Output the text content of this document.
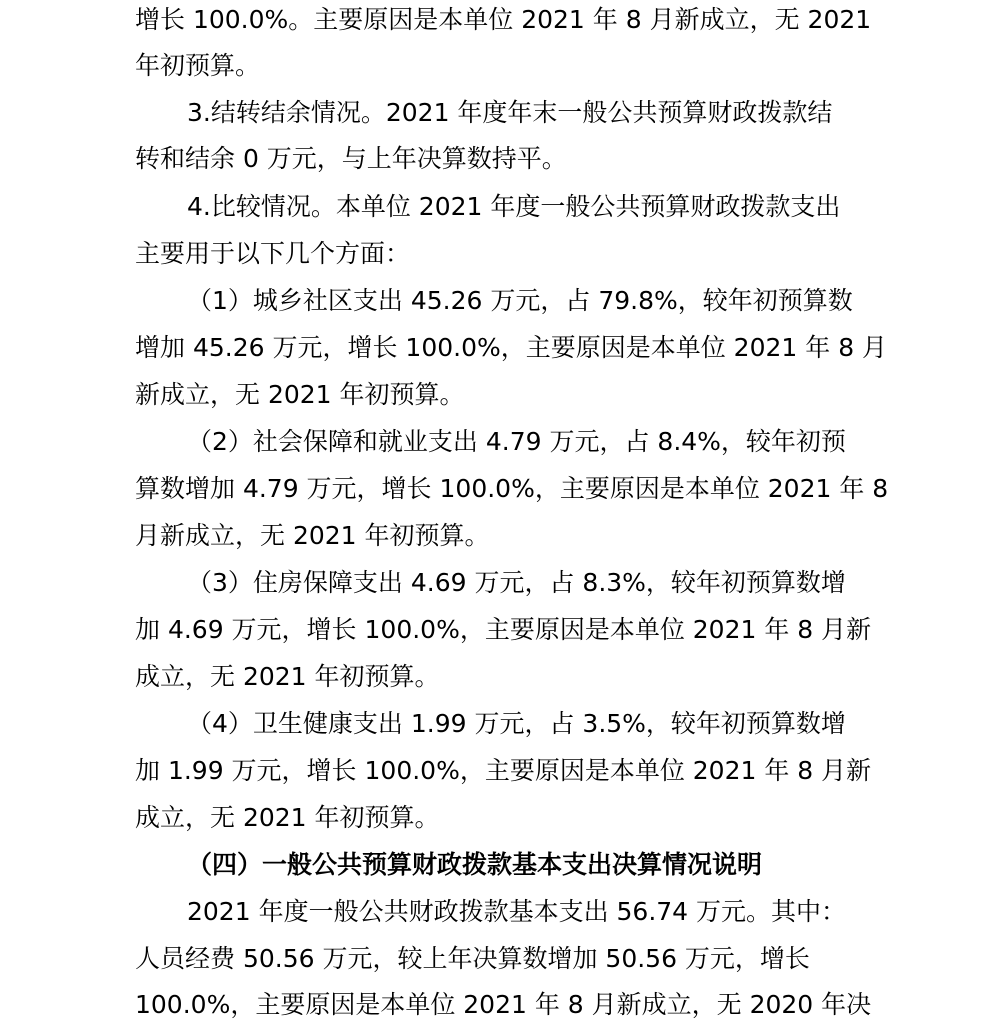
增长 100.0%。主要原因是本单位 2021 年 8 月新成立，无 2021
年初预算。
3.结转结余情况。2021 年度年末一般公共预算财政拨款结
转和结余 0 万元，与上年决算数持平。
4.比较情况。本单位 2021 年度一般公共预算财政拨款支出
主要用于以下几个方面：
（1）城乡社区支出 45.26 万元，占 79.8%，较年初预算数
增加 45.26 万元，增长 100.0%，主要原因是本单位 2021 年 8 月
新成立，无 2021 年初预算。
（2）社会保障和就业支出 4.79 万元，占 8.4%，较年初预
算数增加 4.79 万元，增长 100.0%，主要原因是本单位 2021 年 8
月新成立，无 2021 年初预算。
（3）住房保障支出 4.69 万元，占 8.3%，较年初预算数增
加 4.69 万元，增长 100.0%，主要原因是本单位 2021 年 8 月新
成立，无 2021 年初预算。
（4）卫生健康支出 1.99 万元，占 3.5%，较年初预算数增
加 1.99 万元，增长 100.0%，主要原因是本单位 2021 年 8 月新
成立，无 2021 年初预算。
（四）一般公共预算财政拨款基本支出决算情况说明
2021 年度一般公共财政拨款基本支出 56.74 万元。其中：
人员经费 50.56 万元，较上年决算数增加 50.56 万元，增长
100.0%，主要原因是本单位 2021 年 8 月新成立，无 2020 年决
